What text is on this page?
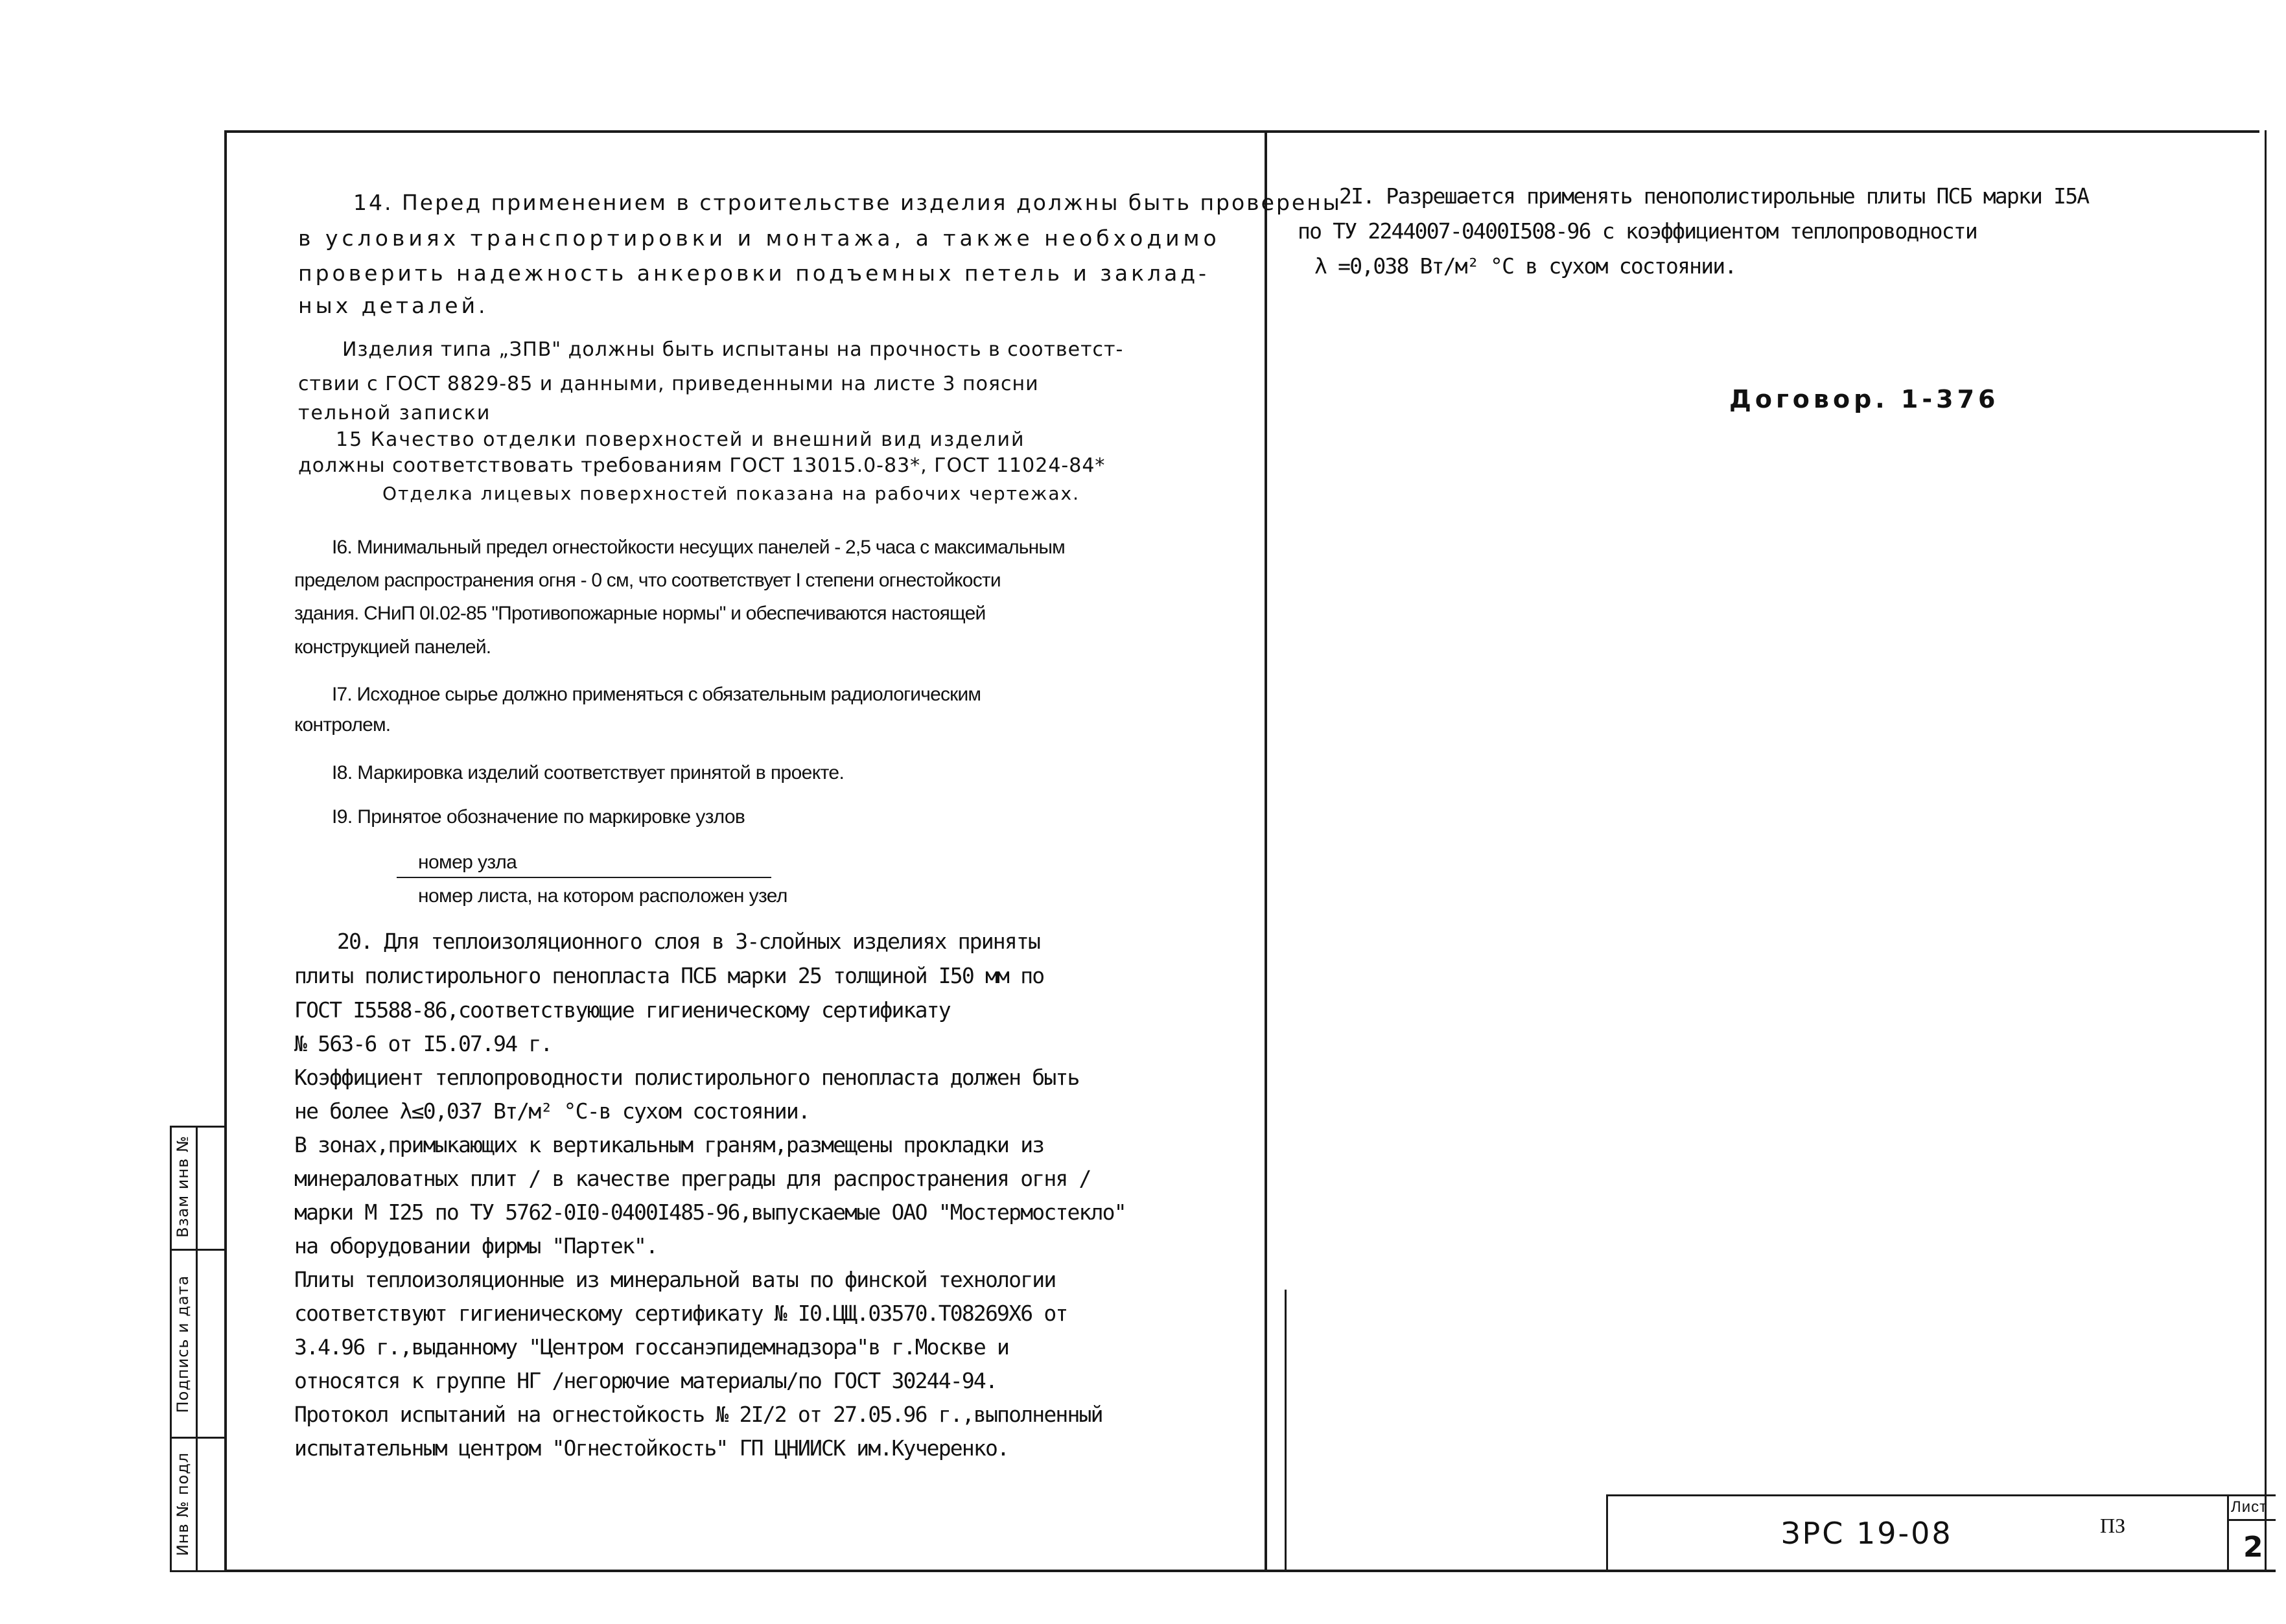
Взам инв №
Подпись и дата
Инв № подл
14. Перед применением в строительстве изделия должны быть проверены
в условиях транспортировки и монтажа, а также необходимо
проверить надежность анкеровки подъемных петель и заклад-
ных деталей.
Изделия типа „ЗПВ" должны быть испытаны на прочность в соответст-
ствии с ГОСТ 8829-85 и данными, приведенными на листе 3 поясни
тельной записки
15 Качество отделки поверхностей и внешний вид изделий
должны соответствовать требованиям ГОСТ 13015.0-83*, ГОСТ 11024-84*
Отделка лицевых поверхностей показана на рабочих чертежах.
I6. Минимальный предел огнестойкости несущих панелей - 2,5 часа с максимальным
пределом распространения огня - 0 см, что соответствует I степени огнестойкости
здания. СНиП 0I.02-85 "Противопожарные нормы" и обеспечиваются настоящей
конструкцией панелей.
I7. Исходное сырье должно применяться с обязательным радиологическим
контролем.
I8. Маркировка изделий соответствует принятой в проекте.
I9. Принятое обозначение по маркировке узлов
номер узла
номер листа, на котором расположен узел
20. Для теплоизоляционного слоя в 3-слойных изделиях приняты
плиты полистирольного пенопласта ПСБ марки 25 толщиной I50 мм по
ГОСТ I5588-86,соответствующие гигиеническому сертификату
№ 563-6 от I5.07.94 г.
Коэффициент теплопроводности полистирольного пенопласта должен быть
не более λ≤0,037 Вт/м² °С-в сухом состоянии.
В зонах,примыкающих к вертикальным граням,размещены прокладки из
минераловатных плит / в качестве преграды для распространения огня /
марки М I25 по ТУ 5762-0I0-0400I485-96,выпускаемые ОАО "Мостермостекло"
на оборудовании фирмы "Партек".
Плиты теплоизоляционные из минеральной ваты по финской технологии
соответствуют гигиеническому сертификату № I0.ЦЩ.03570.Т08269Х6 от
3.4.96 г.,выданному "Центром госсанэпидемнадзора"в г.Москве и
относятся к группе НГ /негорючие материалы/по ГОСТ 30244-94.
Протокол испытаний на огнестойкость № 2I/2 от 27.05.96 г.,выполненный
испытательным центром "Огнестойкость" ГП ЦНИИСК им.Кучеренко.
2I. Разрешается применять пенополистирольные плиты ПСБ марки I5А
по ТУ 2244007-0400I508-96 с коэффициентом теплопроводности
λ =0,038 Вт/м² °С в сухом состоянии.
Договор. 1-376
ЗРС 19-08	ПЗ
Лист
2
